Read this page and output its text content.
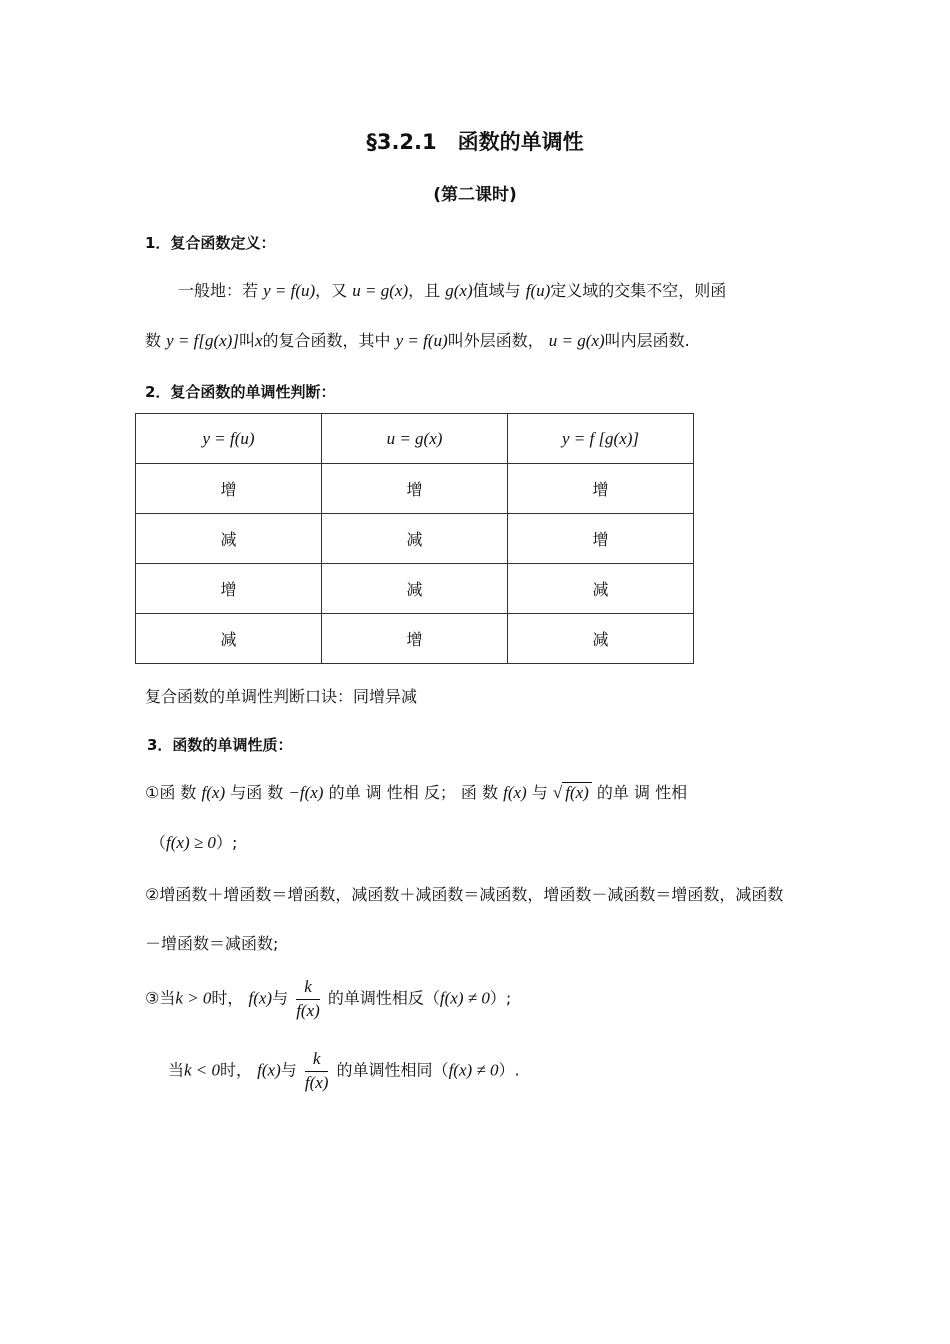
§3.2.1　函数的单调性
(第二课时)
1．复合函数定义：
一般地：若 y = f(u)，又 u = g(x)，且 g(x)值域与 f(u)定义域的交集不空，则函
数 y = f[g(x)]叫x的复合函数，其中 y = f(u)叫外层函数， u = g(x)叫内层函数.
2．复合函数的单调性判断：
y = f(u)	u = g(x)	y = f [g(x)]
增	增	增
减	减	增
增	减	减
减	增	减
复合函数的单调性判断口诀：同增异减
3．函数的单调性质：
①函 数 f(x) 与函 数 −f(x) 的单 调 性相 反； 函 数 f(x) 与 √ f(x) 的单 调 性相
（f(x) ≥ 0）;
②增函数＋增函数＝增函数，减函数＋减函数＝减函数，增函数－减函数＝增函数，减函数
－增函数＝减函数;
③当k > 0时， f(x)与 $\frac{k}{f(x)}$ 的单调性相反（f(x) ≠ 0）;
当k < 0时， f(x)与 $\frac{k}{f(x)}$ 的单调性相同（f(x) ≠ 0）.
